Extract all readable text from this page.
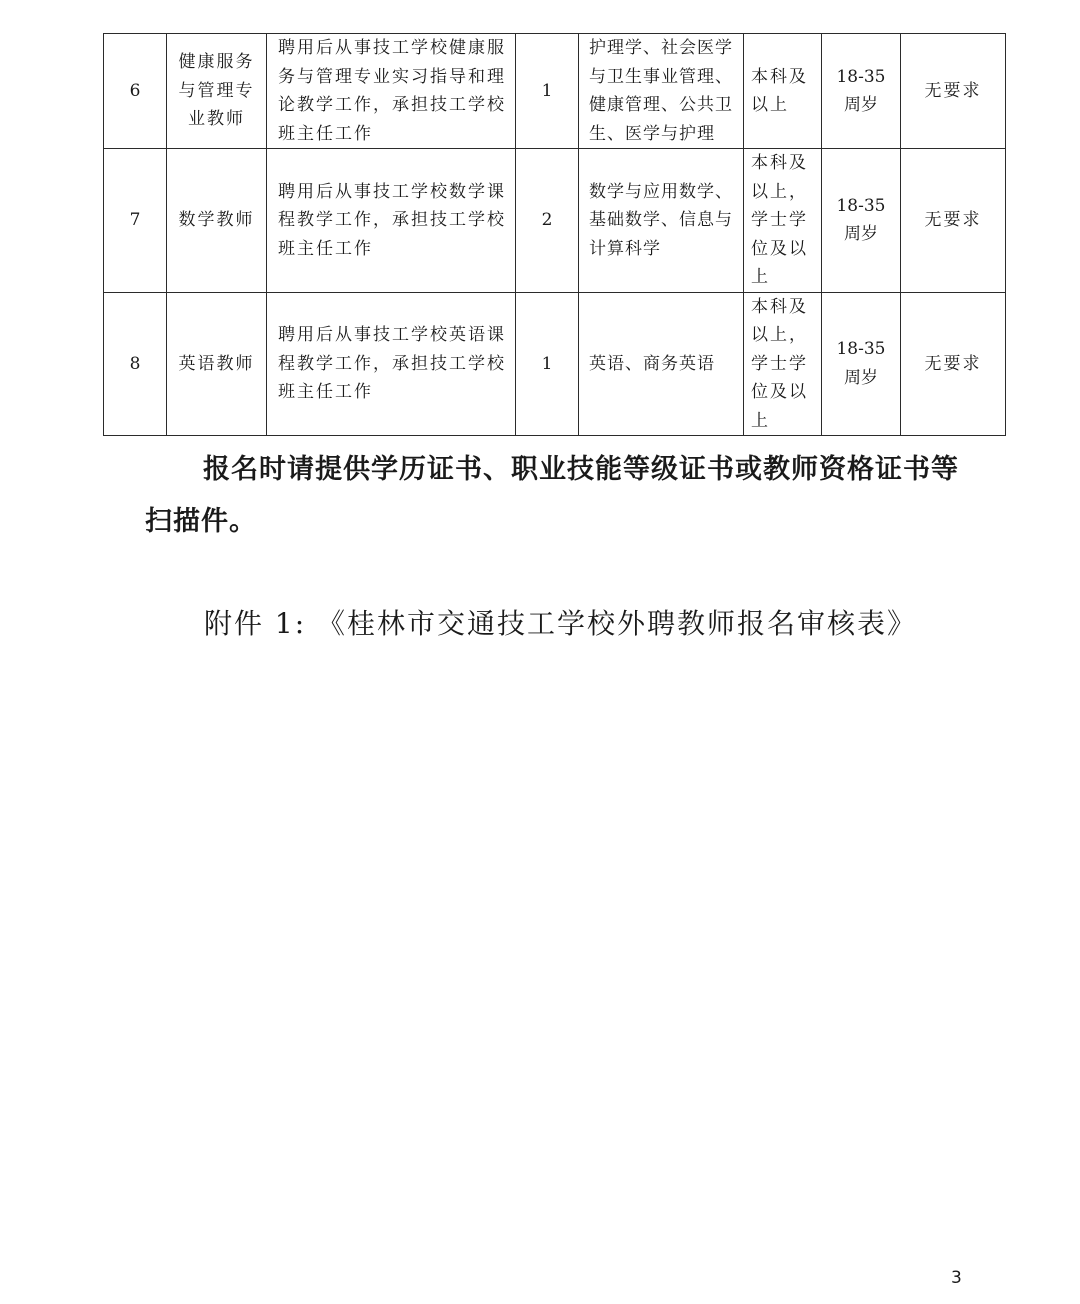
6	健康服务与管理专业教师	聘用后从事技工学校健康服务与管理专业实习指导和理论教学工作，承担技工学校班主任工作	1	护理学、社会医学与卫生事业管理、健康管理、公共卫生、医学与护理	本科及以上	18-35周岁	无要求
7	数学教师	聘用后从事技工学校数学课程教学工作，承担技工学校班主任工作	2	数学与应用数学、基础数学、信息与计算科学	本科及以上，学士学位及以上	18-35周岁	无要求
8	英语教师	聘用后从事技工学校英语课程教学工作，承担技工学校班主任工作	1	英语、商务英语	本科及以上，学士学位及以上	18-35周岁	无要求

报名时请提供学历证书、职业技能等级证书或教师资格证书等扫描件。

附件 1: 《桂林市交通技工学校外聘教师报名审核表》

3
